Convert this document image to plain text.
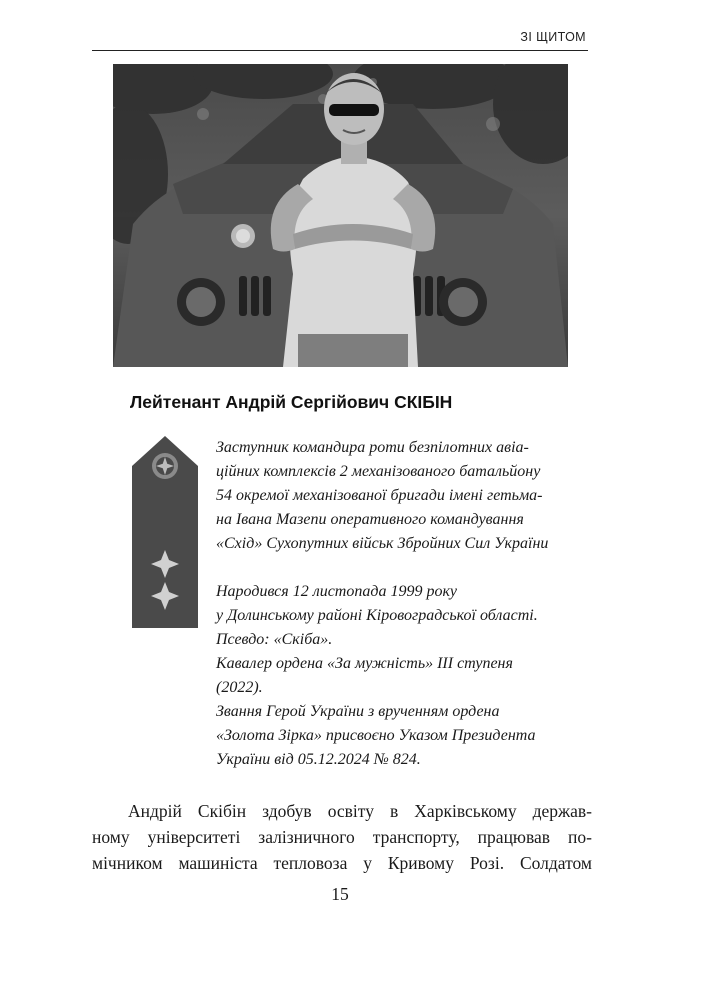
ЗІ ЩИТОМ
Лейтенант Андрій Сергійович СКІБІН
Заступник командира роти безпілотних авіа-
ційних комплексів 2 механізованого батальйону
54 окремої механізованої бригади імені гетьма-
на Івана Мазепи оперативного командування
«Схід» Сухопутних військ Збройних Сил України
Народився 12 листопада 1999 року
у Долинському районі Кіровоградської області.
Псевдо: «Скіба».
Кавалер ордена «За мужність» ІІІ ступеня
(2022).
Звання Герой України з врученням ордена
«Золота Зірка» присвоєно Указом Президента
України від 05.12.2024 № 824.
Андрій Скібін здобув освіту в Харківському держав-
ному університеті залізничного транспорту, працював по-
мічником машиніста тепловоза у Кривому Розі. Солдатом
15
